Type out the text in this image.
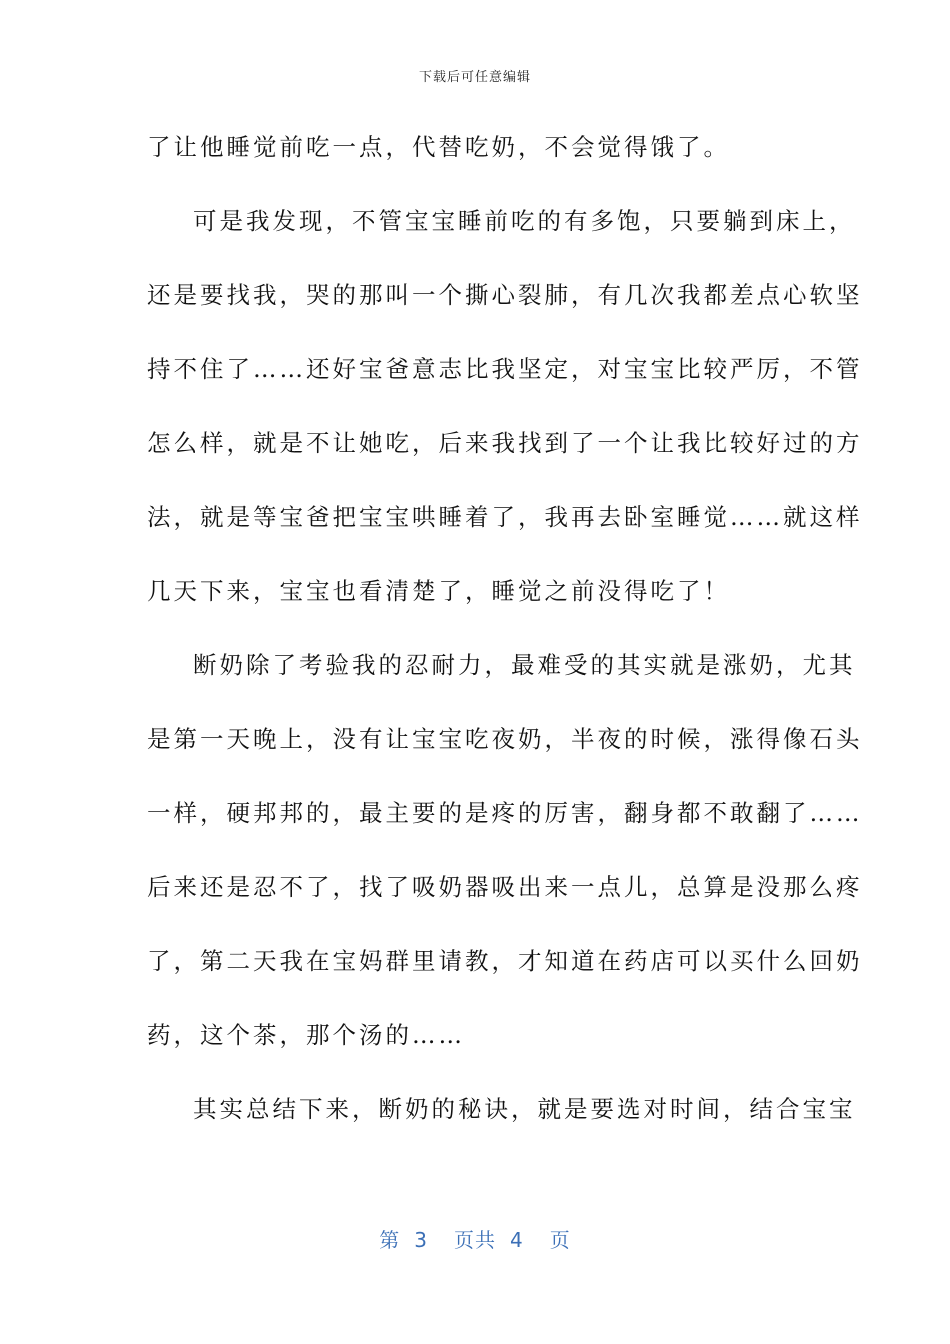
下载后可任意编辑
了让他睡觉前吃一点，代替吃奶，不会觉得饿了。
可是我发现，不管宝宝睡前吃的有多饱，只要躺到床上，
还是要找我，哭的那叫一个撕心裂肺，有几次我都差点心软坚
持不住了……还好宝爸意志比我坚定，对宝宝比较严厉，不管
怎么样，就是不让她吃，后来我找到了一个让我比较好过的方
法，就是等宝爸把宝宝哄睡着了，我再去卧室睡觉……就这样
几天下来，宝宝也看清楚了，睡觉之前没得吃了！
断奶除了考验我的忍耐力，最难受的其实就是涨奶，尤其
是第一天晚上，没有让宝宝吃夜奶，半夜的时候，涨得像石头
一样，硬邦邦的，最主要的是疼的厉害，翻身都不敢翻了……
后来还是忍不了，找了吸奶器吸出来一点儿，总算是没那么疼
了，第二天我在宝妈群里请教，才知道在药店可以买什么回奶
药，这个茶，那个汤的……
其实总结下来，断奶的秘诀，就是要选对时间，结合宝宝
第 3 页共 4 页
